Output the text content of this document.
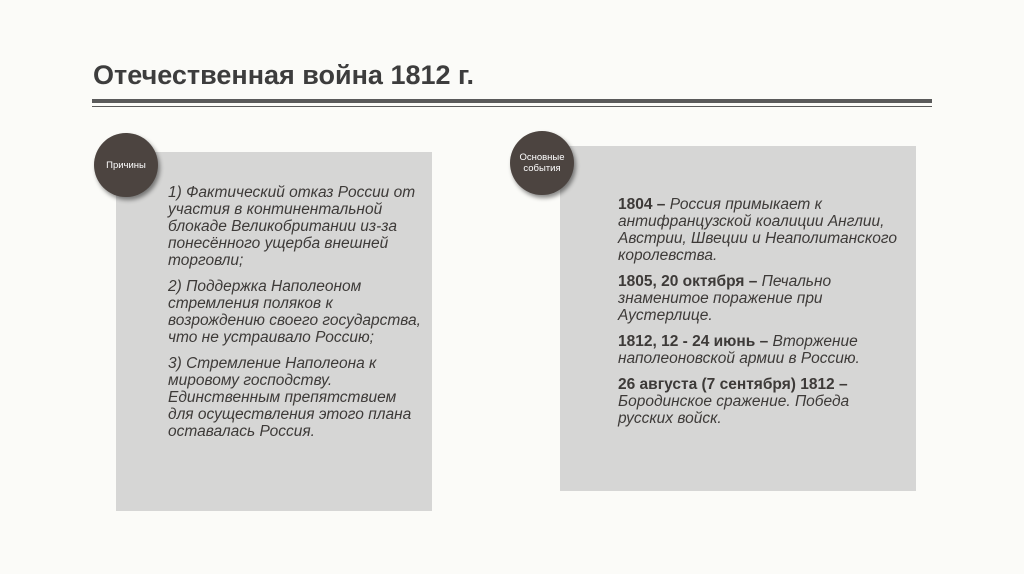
Отечественная война 1812 г.
Причины

1) Фактический отказ России от участия в континентальной блокаде Великобритании из-за понесённого ущерба внешней торговли;

2) Поддержка Наполеоном стремления поляков к возрождению своего государства, что не устраивало Россию;

3) Стремление Наполеона к мировому господству. Единственным препятствием для осуществления этого плана оставалась Россия.

Основные события

1804 – Россия примыкает к антифранцузской коалиции Англии, Австрии, Швеции и Неаполитанского королевства.

1805, 20 октября – Печально знаменитое поражение при Аустерлице.

1812, 12 - 24 июнь – Вторжение наполеоновской армии в Россию.

26 августа (7 сентября) 1812 – Бородинское сражение. Победа русских войск.
